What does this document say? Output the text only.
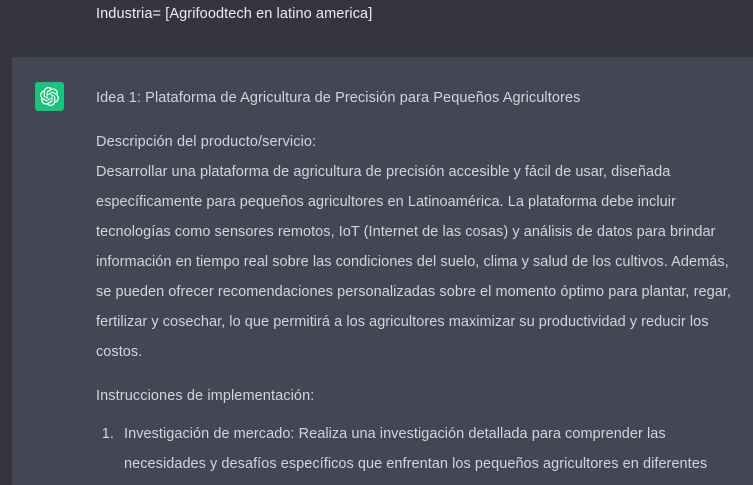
Industria= [Agrifoodtech en latino america]
Idea 1: Plataforma de Agricultura de Precisión para Pequeños Agricultores
Descripción del producto/servicio:

Desarrollar una plataforma de agricultura de precisión accesible y fácil de usar, diseñada específicamente para pequeños agricultores en Latinoamérica. La plataforma debe incluir tecnologías como sensores remotos, IoT (Internet de las cosas) y análisis de datos para brindar información en tiempo real sobre las condiciones del suelo, clima y salud de los cultivos. Además, se pueden ofrecer recomendaciones personalizadas sobre el momento óptimo para plantar, regar, fertilizar y cosechar, lo que permitirá a los agricultores maximizar su productividad y reducir los costos.

Instrucciones de implementación:
1. Investigación de mercado: Realiza una investigación detallada para comprender las necesidades y desafíos específicos que enfrentan los pequeños agricultores en diferentes
